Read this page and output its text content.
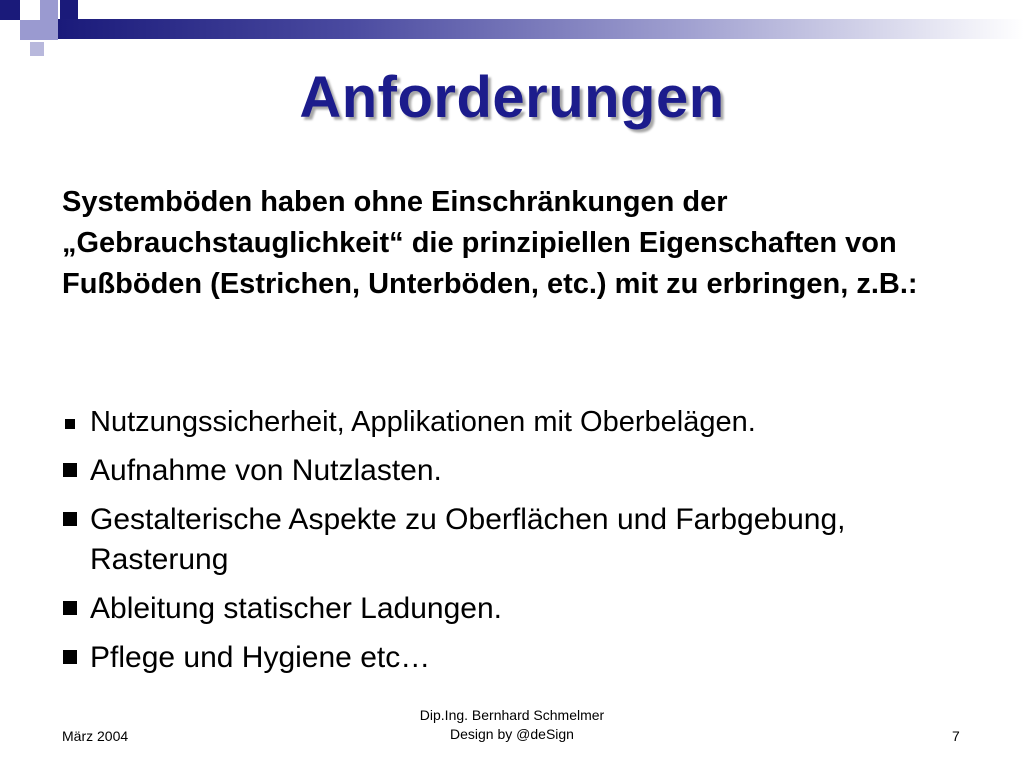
Anforderungen
Systemböden haben ohne Einschränkungen der „Gebrauchstauglichkeit“ die prinzipiellen Eigenschaften von Fußböden (Estrichen, Unterböden, etc.) mit zu erbringen, z.B.:
Nutzungssicherheit, Applikationen mit Oberbelägen.
Aufnahme von Nutzlasten.
Gestalterische Aspekte zu Oberflächen und Farbgebung, Rasterung
Ableitung statischer Ladungen.
Pflege und Hygiene etc…
März 2004
Dip.Ing. Bernhard Schmelmer
Design by @deSign	7
